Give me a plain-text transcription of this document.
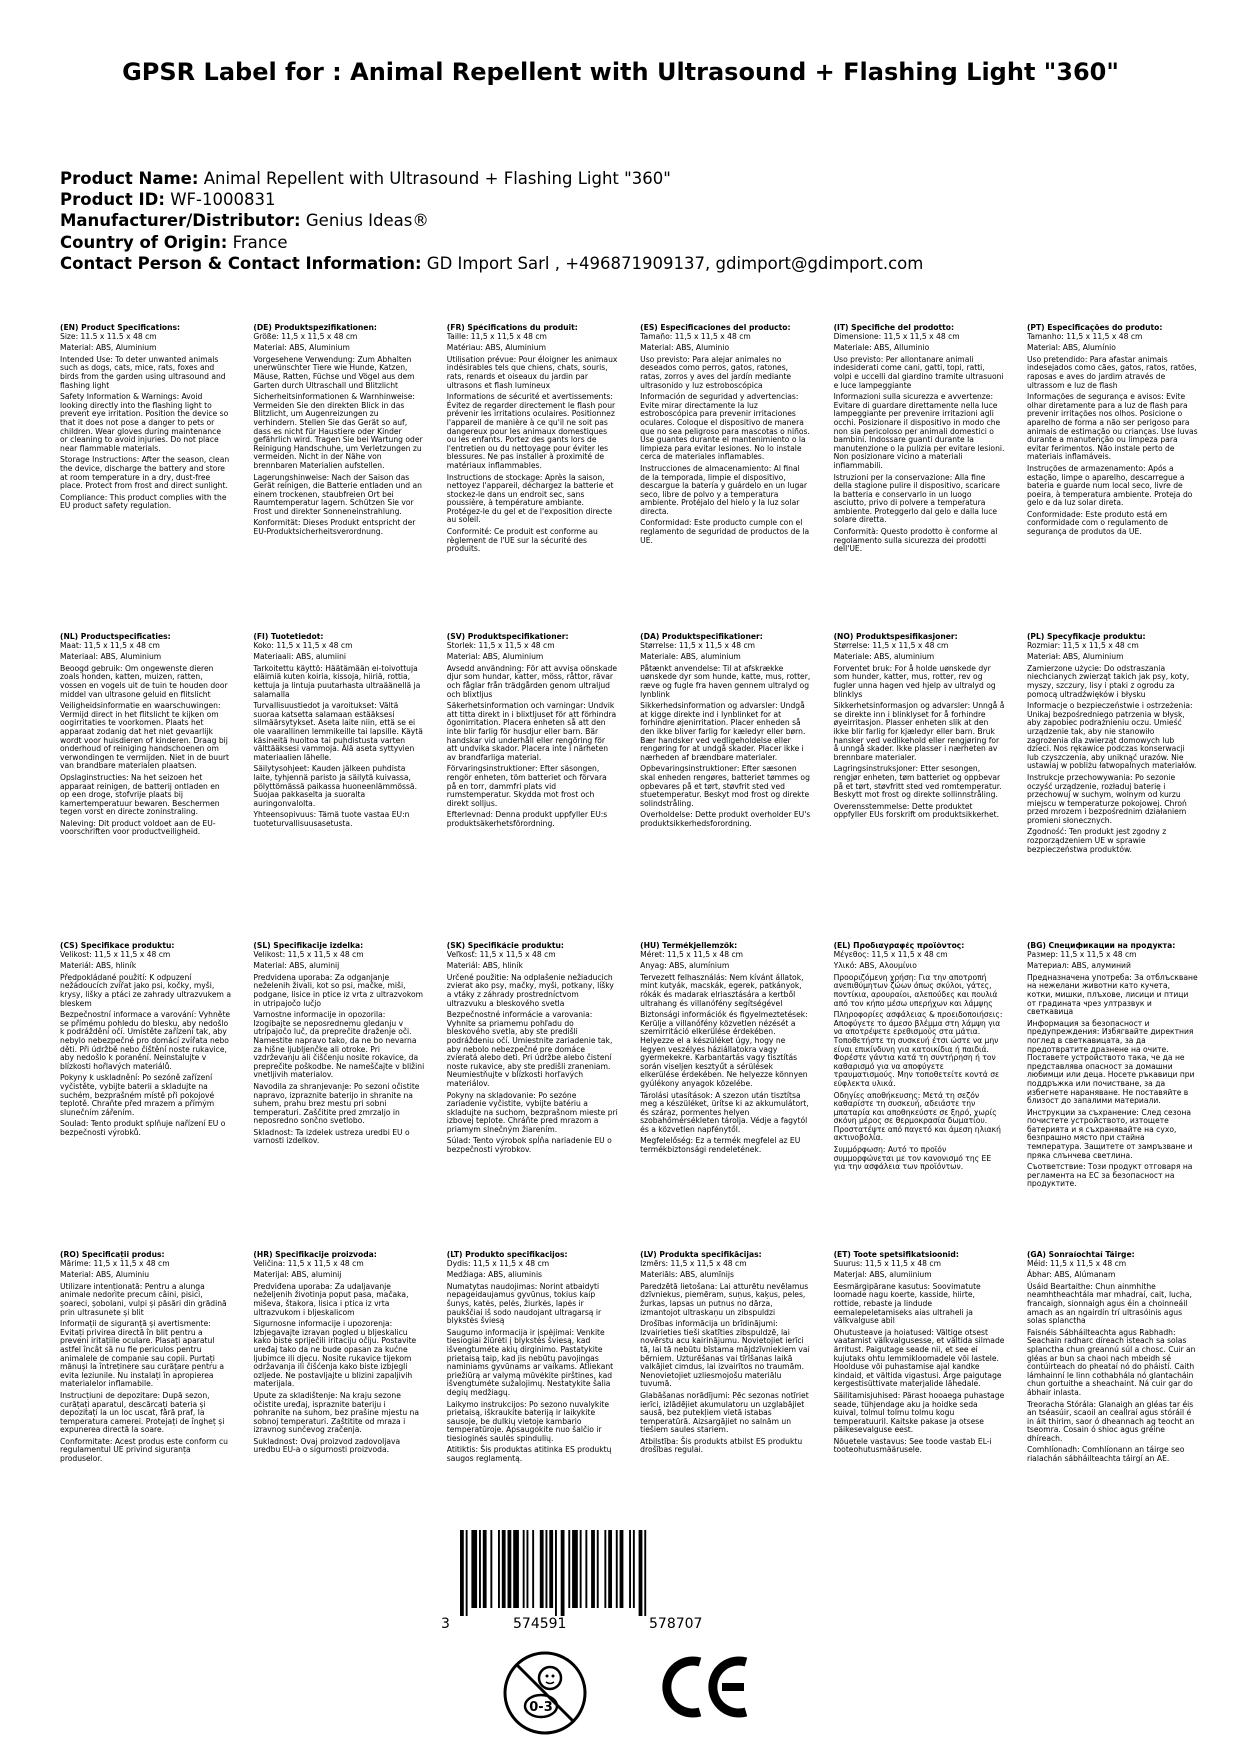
GPSR Label for : Animal Repellent with Ultrasound + Flashing Light "360"
Product Name: Animal Repellent with Ultrasound + Flashing Light "360"
Product ID: WF-1000831
Manufacturer/Distributor: Genius Ideas®
Country of Origin: France
Contact Person & Contact Information: GD Import Sarl , +496871909137, gdimport@gdimport.com
(EN) Product Specifications:

Size: 11.5 x 11.5 x 48 cm

Material: ABS, Aluminium

Intended Use: To deter unwanted animals such as dogs, cats, mice, rats, foxes and birds from the garden using ultrasound and flashing light

Safety Information & Warnings: Avoid looking directly into the flashing light to prevent eye irritation. Position the device so that it does not pose a danger to pets or children. Wear gloves during maintenance or cleaning to avoid injuries. Do not place near flammable materials.

Storage Instructions: After the season, clean the device, discharge the battery and store at room temperature in a dry, dust-free place. Protect from frost and direct sunlight.

Compliance: This product complies with the EU product safety regulation.

(DE) Produktspezifikationen:

Größe: 11,5 x 11,5 x 48 cm

Material: ABS, Aluminium

Vorgesehene Verwendung: Zum Abhalten unerwünschter Tiere wie Hunde, Katzen, Mäuse, Ratten, Füchse und Vögel aus dem Garten durch Ultraschall und Blitzlicht

Sicherheitsinformationen & Warnhinweise: Vermeiden Sie den direkten Blick in das Blitzlicht, um Augenreizungen zu verhindern. Stellen Sie das Gerät so auf, dass es nicht für Haustiere oder Kinder gefährlich wird. Tragen Sie bei Wartung oder Reinigung Handschuhe, um Verletzungen zu vermeiden. Nicht in der Nähe von brennbaren Materialien aufstellen.

Lagerungshinweise: Nach der Saison das Gerät reinigen, die Batterie entladen und an einem trockenen, staubfreien Ort bei Raumtemperatur lagern. Schützen Sie vor Frost und direkter Sonneneinstrahlung.

Konformität: Dieses Produkt entspricht der EU-Produktsicherheitsverordnung.

(FR) Spécifications du produit:

Taille: 11,5 x 11,5 x 48 cm

Matériau: ABS, Aluminium

Utilisation prévue: Pour éloigner les animaux indésirables tels que chiens, chats, souris, rats, renards et oiseaux du jardin par ultrasons et flash lumineux

Informations de sécurité et avertissements: Évitez de regarder directement le flash pour prévenir les irritations oculaires. Positionnez l'appareil de manière à ce qu'il ne soit pas dangereux pour les animaux domestiques ou les enfants. Portez des gants lors de l'entretien ou du nettoyage pour éviter les blessures. Ne pas installer à proximité de matériaux inflammables.

Instructions de stockage: Après la saison, nettoyez l'appareil, déchargez la batterie et stockez-le dans un endroit sec, sans poussière, à température ambiante. Protégez-le du gel et de l'exposition directe au soleil.

Conformité: Ce produit est conforme au règlement de l'UE sur la sécurité des produits.

(ES) Especificaciones del producto:

Tamaño: 11,5 x 11,5 x 48 cm

Material: ABS, Aluminio

Uso previsto: Para alejar animales no deseados como perros, gatos, ratones, ratas, zorros y aves del jardín mediante ultrasonido y luz estroboscópica

Información de seguridad y advertencias: Evite mirar directamente la luz estroboscópica para prevenir irritaciones oculares. Coloque el dispositivo de manera que no sea peligroso para mascotas o niños. Use guantes durante el mantenimiento o la limpieza para evitar lesiones. No lo instale cerca de materiales inflamables.

Instrucciones de almacenamiento: Al final de la temporada, limpie el dispositivo, descargue la batería y guárdelo en un lugar seco, libre de polvo y a temperatura ambiente. Protéjalo del hielo y la luz solar directa.

Conformidad: Este producto cumple con el reglamento de seguridad de productos de la UE.

(IT) Specifiche del prodotto:

Dimensione: 11,5 x 11,5 x 48 cm

Materiale: ABS, Alluminio

Uso previsto: Per allontanare animali indesiderati come cani, gatti, topi, ratti, volpi e uccelli dal giardino tramite ultrasuoni e luce lampeggiante

Informazioni sulla sicurezza e avvertenze: Evitare di guardare direttamente nella luce lampeggiante per prevenire irritazioni agli occhi. Posizionare il dispositivo in modo che non sia pericoloso per animali domestici o bambini. Indossare guanti durante la manutenzione o la pulizia per evitare lesioni. Non posizionare vicino a materiali infiammabili.

Istruzioni per la conservazione: Alla fine della stagione pulire il dispositivo, scaricare la batteria e conservarlo in un luogo asciutto, privo di polvere a temperatura ambiente. Proteggerlo dal gelo e dalla luce solare diretta.

Conformità: Questo prodotto è conforme al regolamento sulla sicurezza dei prodotti dell'UE.

(PT) Especificações do produto:

Tamanho: 11,5 x 11,5 x 48 cm

Material: ABS, Alumínio

Uso pretendido: Para afastar animais indesejados como cães, gatos, ratos, ratões, raposas e aves do jardim através de ultrassom e luz de flash

Informações de segurança e avisos: Evite olhar diretamente para a luz de flash para prevenir irritações nos olhos. Posicione o aparelho de forma a não ser perigoso para animais de estimação ou crianças. Use luvas durante a manutenção ou limpeza para evitar ferimentos. Não instale perto de materiais inflamáveis.

Instruções de armazenamento: Após a estação, limpe o aparelho, descarregue a bateria e guarde num local seco, livre de poeira, à temperatura ambiente. Proteja do gelo e da luz solar direta.

Conformidade: Este produto está em conformidade com o regulamento de segurança de produtos da UE.

(NL) Productspecificaties:

Maat: 11,5 x 11,5 x 48 cm

Materiaal: ABS, Aluminium

Beoogd gebruik: Om ongewenste dieren zoals honden, katten, muizen, ratten, vossen en vogels uit de tuin te houden door middel van ultrasone geluid en flitslicht

Veiligheidsinformatie en waarschuwingen: Vermijd direct in het flitslicht te kijken om oogirritaties te voorkomen. Plaats het apparaat zodanig dat het niet gevaarlijk wordt voor huisdieren of kinderen. Draag bij onderhoud of reiniging handschoenen om verwondingen te vermijden. Niet in de buurt van brandbare materialen plaatsen.

Opslaginstructies: Na het seizoen het apparaat reinigen, de batterij ontladen en op een droge, stofvrije plaats bij kamertemperatuur bewaren. Beschermen tegen vorst en directe zoninstraling.

Naleving: Dit product voldoet aan de EU-voorschriften voor productveiligheid.

(FI) Tuotetiedot:

Koko: 11,5 x 11,5 x 48 cm

Materiaali: ABS, alumiini

Tarkoitettu käyttö: Häätämään ei-toivottuja eläimiä kuten koiria, kissoja, hiiriä, rottia, kettuja ja lintuja puutarhasta ultraäänellä ja salamalla

Turvallisuustiedot ja varoitukset: Vältä suoraa katsetta salamaan estääksesi silmäärsytykset. Aseta laite niin, että se ei ole vaarallinen lemmikeille tai lapsille. Käytä käsineitä huoltoa tai puhdistusta varten välttääksesi vammoja. Älä aseta syttyvien materiaalien lähelle.

Säilytysohjeet: Kauden jälkeen puhdista laite, tyhjennä paristo ja säilytä kuivassa, pölyttömässä paikassa huoneenlämmössä. Suojaa pakkaselta ja suoralta auringonvalolta.

Yhteensopivuus: Tämä tuote vastaa EU:n tuoteturvallisuusasetusta.

(SV) Produktspecifikationer:

Storlek: 11,5 x 11,5 x 48 cm

Material: ABS, Aluminium

Avsedd användning: För att avvisa oönskade djur som hundar, katter, möss, råttor, rävar och fåglar från trädgården genom ultraljud och blixtljus

Säkerhetsinformation och varningar: Undvik att titta direkt in i blixtljuset för att förhindra ögonirritation. Placera enheten så att den inte blir farlig för husdjur eller barn. Bär handskar vid underhåll eller rengöring för att undvika skador. Placera inte i närheten av brandfarliga material.

Förvaringsinstruktioner: Efter säsongen, rengör enheten, töm batteriet och förvara på en torr, dammfri plats vid rumstemperatur. Skydda mot frost och direkt solljus.

Efterlevnad: Denna produkt uppfyller EU:s produktsäkerhetsförordning.

(DA) Produktspecifikationer:

Størrelse: 11,5 x 11,5 x 48 cm

Materiale: ABS, aluminium

Påtænkt anvendelse: Til at afskrække uønskede dyr som hunde, katte, mus, rotter, ræve og fugle fra haven gennem ultralyd og lynblink

Sikkerhedsinformation og advarsler: Undgå at kigge direkte ind i lynblinket for at forhindre øjenirritation. Placer enheden så den ikke bliver farlig for kæledyr eller børn. Bær handsker ved vedligeholdelse eller rengøring for at undgå skader. Placer ikke i nærheden af brændbare materialer.

Opbevaringsinstruktioner: Efter sæsonen skal enheden rengøres, batteriet tømmes og opbevares på et tørt, støvfrit sted ved stuetemperatur. Beskyt mod frost og direkte solindstråling.

Overholdelse: Dette produkt overholder EU's produktsikkerhedsforordning.

(NO) Produktspesifikasjoner:

Størrelse: 11,5 x 11,5 x 48 cm

Materiale: ABS, aluminium

Forventet bruk: For å holde uønskede dyr som hunder, katter, mus, rotter, rev og fugler unna hagen ved hjelp av ultralyd og blinklys

Sikkerhetsinformasjon og advarsler: Unngå å se direkte inn i blinklyset for å forhindre øyeirritasjon. Plasser enheten slik at den ikke blir farlig for kjæledyr eller barn. Bruk hansker ved vedlikehold eller rengjøring for å unngå skader. Ikke plasser i nærheten av brennbare materialer.

Lagringsinstruksjoner: Etter sesongen, rengjør enheten, tøm batteriet og oppbevar på et tørt, støvfritt sted ved romtemperatur. Beskytt mot frost og direkte sollinnstråling.

Overensstemmelse: Dette produktet oppfyller EUs forskrift om produktsikkerhet.

(PL) Specyfikacje produktu:

Rozmiar: 11,5 x 11,5 x 48 cm

Materiał: ABS, Aluminium

Zamierzone użycie: Do odstraszania niechcianych zwierząt takich jak psy, koty, myszy, szczury, lisy i ptaki z ogrodu za pomocą ultradźwięków i błysku

Informacje o bezpieczeństwie i ostrzeżenia: Unikaj bezpośredniego patrzenia w błysk, aby zapobiec podrażnieniu oczu. Umieść urządzenie tak, aby nie stanowiło zagrożenia dla zwierząt domowych lub dzieci. Nos rękawice podczas konserwacji lub czyszczenia, aby uniknąć urazów. Nie ustawiaj w pobliżu łatwopalnych materiałów.

Instrukcje przechowywania: Po sezonie oczyść urządzenie, rozładuj baterię i przechowuj w suchym, wolnym od kurzu miejscu w temperaturze pokojowej. Chroń przed mrozem i bezpośrednim działaniem promieni słonecznych.

Zgodność: Ten produkt jest zgodny z rozporządzeniem UE w sprawie bezpieczeństwa produktów.

(CS) Specifikace produktu:

Velikost: 11,5 x 11,5 x 48 cm

Materiál: ABS, hliník

Předpokládané použití: K odpuzení nežádoucích zvířat jako psi, kočky, myši, krysy, lišky a ptáci ze zahrady ultrazvukem a bleskem

Bezpečnostní informace a varování: Vyhněte se přímému pohledu do blesku, aby nedošlo k podráždění očí. Umístěte zařízení tak, aby nebylo nebezpečné pro domácí zvířata nebo děti. Při údržbě nebo čištění noste rukavice, aby nedošlo k poranění. Neinstalujte v blízkosti hořlavých materiálů.

Pokyny k uskladnění: Po sezóně zařízení vyčistěte, vybijte baterii a skladujte na suchém, bezprašném místě při pokojové teplotě. Chraňte před mrazem a přímým slunečním zářením.

Soulad: Tento produkt splňuje nařízení EU o bezpečnosti výrobků.

(SL) Specifikacije izdelka:

Velikost: 11,5 x 11,5 x 48 cm

Material: ABS, aluminij

Predvidena uporaba: Za odganjanje neželenih živali, kot so psi, mačke, miši, podgane, lisice in ptice iz vrta z ultrazvokom in utripajočo lučjo

Varnostne informacije in opozorila: Izogibajte se neposrednemu gledanju v utripajočo luč, da preprečite draženje oči. Namestite napravo tako, da ne bo nevarna za hišne ljubljenčke ali otroke. Pri vzdrževanju ali čiščenju nosite rokavice, da preprečite poškodbe. Ne nameščajte v bližini vnetljivih materialov.

Navodila za shranjevanje: Po sezoni očistite napravo, izpraznite baterijo in shranite na suhem, prahu brez mestu pri sobni temperaturi. Zaščitite pred zmrzaljo in neposredno sončno svetlobo.

Skladnost: Ta izdelek ustreza uredbi EU o varnosti izdelkov.

(SK) Špecifikácie produktu:

Veľkosť: 11,5 x 11,5 x 48 cm

Materiál: ABS, hliník

Určené použitie: Na odplašenie nežiaducich zvierat ako psy, mačky, myši, potkany, líšky a vtáky z záhrady prostredníctvom ultrazvuku a bleskového svetla

Bezpečnostné informácie a varovania: Vyhnite sa priamemu pohľadu do bleskového svetla, aby ste predišli podráždeniu očí. Umiestnite zariadenie tak, aby nebolo nebezpečné pre domáce zvieratá alebo deti. Pri údržbe alebo čistení noste rukavice, aby ste predišli zraneniam. Neumiestňujte v blízkosti horľavých materiálov.

Pokyny na skladovanie: Po sezóne zariadenie vyčistite, vybijte batériu a skladujte na suchom, bezprašnom mieste pri izbovej teplote. Chráňte pred mrazom a priamym slnečným žiarením.

Súlad: Tento výrobok spĺňa nariadenie EU o bezpečnosti výrobkov.

(HU) Termékjellemzők:

Méret: 11,5 x 11,5 x 48 cm

Anyag: ABS, alumínium

Tervezett felhasználás: Nem kívánt állatok, mint kutyák, macskák, egerek, patkányok, rókák és madarak elriasztására a kertből ultrahang és villanófény segítségével

Biztonsági információk és figyelmeztetések: Kerülje a villanófény közvetlen nézését a szemirritáció elkerülése érdekében. Helyezze el a készüléket úgy, hogy ne legyen veszélyes háziállatokra vagy gyermekekre. Karbantartás vagy tisztítás során viseljen kesztyűt a sérülések elkerülése érdekében. Ne helyezze könnyen gyúlékony anyagok közelébe.

Tárolási utasítások: A szezon után tisztítsa meg a készüléket, ürítse ki az akkumulátort, és száraz, pormentes helyen szobahőmérsékleten tárolja. Védje a fagytól és a közvetlen napfénytől.

Megfelelőség: Ez a termék megfelel az EU termékbiztonsági rendeletének.

(EL) Προδιαγραφές προϊόντος:

Μέγεθος: 11,5 x 11,5 x 48 cm

Υλικό: ABS, Αλουμίνιο

Προοριζόμενη χρήση: Για την αποτροπή ανεπιθύμητων ζώων όπως σκύλοι, γάτες, ποντίκια, αρουραίοι, αλεπούδες και πουλιά από τον κήπο μέσω υπερήχων και λάμψης

Πληροφορίες ασφάλειας & προειδοποιήσεις: Αποφύγετε το άμεσο βλέμμα στη λάμψη για να αποτρέψετε ερεθισμούς στα μάτια. Τοποθετήστε τη συσκευή έτσι ώστε να μην είναι επικίνδυνη για κατοικίδια ή παιδιά. Φορέστε γάντια κατά τη συντήρηση ή τον καθαρισμό για να αποφύγετε τραυματισμούς. Μην τοποθετείτε κοντά σε εύφλεκτα υλικά.

Οδηγίες αποθήκευσης: Μετά τη σεζόν καθαρίστε τη συσκευή, αδειάστε την μπαταρία και αποθηκεύστε σε ξηρό, χωρίς σκόνη μέρος σε θερμοκρασία δωματίου. Προστατέψτε από παγετό και άμεση ηλιακή ακτινοβολία.

Συμμόρφωση: Αυτό το προϊόν συμμορφώνεται με τον κανονισμό της ΕΕ για την ασφάλεια των προϊόντων.

(BG) Спецификации на продукта:

Размер: 11,5 x 11,5 x 48 cm

Материал: ABS, алуминий

Предназначена употреба: За отблъскване на нежелани животни като кучета, котки, мишки, плъхове, лисици и птици от градината чрез ултразвук и светкавица

Информация за безопасност и предупреждения: Избягвайте директния поглед в светкавицата, за да предотвратите дразнене на очите. Поставете устройството така, че да не представлява опасност за домашни любимци или деца. Носете ръкавици при поддръжка или почистване, за да избегнете нараняване. Не поставяйте в близост до запалими материали.

Инструкции за съхранение: След сезона почистете устройството, изтощете батерията и я съхранявайте на сухо, безпрашно място при стайна температура. Защитете от замръзване и пряка слънчева светлина.

Съответствие: Този продукт отговаря на регламента на ЕС за безопасност на продуктите.

(RO) Specificații produs:

Mărime: 11,5 x 11,5 x 48 cm

Material: ABS, Aluminiu

Utilizare intenționată: Pentru a alunga animale nedorite precum câini, pisici, șoareci, șobolani, vulpi și păsări din grădină prin ultrasunete și blit

Informații de siguranță și avertismente: Evitați privirea directă în blit pentru a preveni iritațiile oculare. Plasați aparatul astfel încât să nu fie periculos pentru animalele de companie sau copii. Purtați mănuși la întreținere sau curățare pentru a evita leziunile. Nu instalați în apropierea materialelor inflamabile.

Instrucțiuni de depozitare: După sezon, curățați aparatul, descărcați bateria și depozitați la un loc uscat, fără praf, la temperatura camerei. Protejați de îngheț și expunerea directă la soare.

Conformitate: Acest produs este conform cu regulamentul UE privind siguranța produselor.

(HR) Specifikacije proizvoda:

Veličina: 11,5 x 11,5 x 48 cm

Materijal: ABS, aluminij

Predviđena uporaba: Za udaljavanje neželjenih životinja poput pasa, mačaka, miševa, štakora, lisica i ptica iz vrta ultrazvukom i bljeskalicom

Sigurnosne informacije i upozorenja: Izbjegavajte izravan pogled u bljeskalicu kako biste spriječili iritaciju očiju. Postavite uređaj tako da ne bude opasan za kućne ljubimce ili djecu. Nosite rukavice tijekom održavanja ili čišćenja kako biste izbjegli ozljede. Ne postavljajte u blizini zapaljivih materijala.

Upute za skladištenje: Na kraju sezone očistite uređaj, ispraznite bateriju i pohranite na suhom, bez prašine mjestu na sobnoj temperaturi. Zaštitite od mraza i izravnog sunčevog zračenja.

Sukladnost: Ovaj proizvod zadovoljava uredbu EU-a o sigurnosti proizvoda.

(LT) Produkto specifikacijos:

Dydis: 11,5 x 11,5 x 48 cm

Medžiaga: ABS, aliuminis

Numatytas naudojimas: Norint atbaidyti nepageidaujamus gyvūnus, tokius kaip šunys, katės, pelės, žiurkės, lapės ir paukščiai iš sodo naudojant ultragarsą ir blykstės šviesą

Saugumo informacija ir įspėjimai: Venkite tiesiogiai žiūrėti į blykstės šviesą, kad išvengtumėte akių dirginimo. Pastatykite prietaisą taip, kad jis nebūtų pavojingas naminiams gyvūnams ar vaikams. Atliekant priežiūrą ar valymą mūvėkite pirštines, kad išvengtumėte sužalojimų. Nestatykite šalia degių medžiagų.

Laikymo instrukcijos: Po sezono nuvalykite prietaisą, iškraukite bateriją ir laikykite sausoje, be dulkių vietoje kambario temperatūroje. Apsaugokite nuo šalčio ir tiesioginės saulės spindulių.

Atitiktis: Šis produktas atitinka ES produktų saugos reglamentą.

(LV) Produkta specifikācijas:

Izmērs: 11,5 x 11,5 x 48 cm

Materiāls: ABS, alumīnijs

Paredzētā lietošana: Lai atturētu nevēlamus dzīvniekus, piemēram, suņus, kaķus, peles, žurkas, lapsas un putnus no dārza, izmantojot ultraskaņu un zibspuldzi

Drošības informācija un brīdinājumi: Izvairieties tieši skatīties zibspuldzē, lai novērstu acu kairinājumu. Novietojiet ierīci tā, lai tā nebūtu bīstama mājdzīvniekiem vai bērniem. Uzturēšanas vai tīrīšanas laikā valkājiet cimdus, lai izvairītos no traumām. Nenovietojiet uzliesmojošu materiālu tuvumā.

Glabāšanas norādījumi: Pēc sezonas notīriet ierīci, izlādējiet akumulatoru un uzglabājiet sausā, bez putekļiem vietā istabas temperatūrā. Aizsargājiet no salnām un tiešiem saules stariem.

Atbilstība: Šis produkts atbilst ES produktu drošības regulai.

(ET) Toote spetsifikatsioonid:

Suurus: 11,5 x 11,5 x 48 cm

Materjal: ABS, alumiinium

Eesmärgipärane kasutus: Soovimatute loomade nagu koerte, kasside, hiirte, rottide, rebaste ja lindude eemalepeletamiseks aias ultraheli ja välkvalguse abil

Ohutusteave ja hoiatused: Vältige otsest vaatamist välkvalgusesse, et vältida silmade ärritust. Paigutage seade nii, et see ei kujutaks ohtu lemmikloomadele või lastele. Hoolduse või puhastamise ajal kandke kindaid, et vältida vigastusi. Ärge paigutage kergestisüttivate materjalide lähedale.

Säilitamisjuhised: Pärast hooaega puhastage seade, tühjendage aku ja hoidke seda kuival, tolmul tolmu tolmu kogu temperatuuril. Kaitske pakase ja otsese päikesevalguse eest.

Nõuetele vastavus: See toode vastab EL-i tooteohutusmäärusele.

(GA) Sonraíochtaí Táirge:

Méid: 11,5 x 11,5 x 48 cm

Ábhar: ABS, Alúmanam

Úsáid Beartaithe: Chun ainmhithe neamhtheachtála mar mhadraí, cait, lucha, francaigh, sionnaigh agus éin a choinneáil amach as an ngairdín trí ultrasóinis agus solas splanctha

Faisnéis Sábháilteachta agus Rabhadh: Seachain radharc díreach isteach sa solas splanctha chun greannú súl a chosc. Cuir an gléas ar bun sa chaoi nach mbeidh sé contúirteach do pheataí nó do pháistí. Caith lámhainní le linn cothabhála nó glantacháin chun gortuithe a sheachaint. Ná cuir gar do ábhair inlasta.

Treoracha Stórála: Glanaigh an gléas tar éis an tséasúir, scaoil an ceallraí agus stóráil é in áit thirim, saor ó dheannach ag teocht an tseomra. Cosain ó shioc agus gréine dhíreach.

Comhlíonadh: Comhlíonann an táirge seo rialachán sábháilteachta táirgí an AE.

3	574591	578707
0-3
